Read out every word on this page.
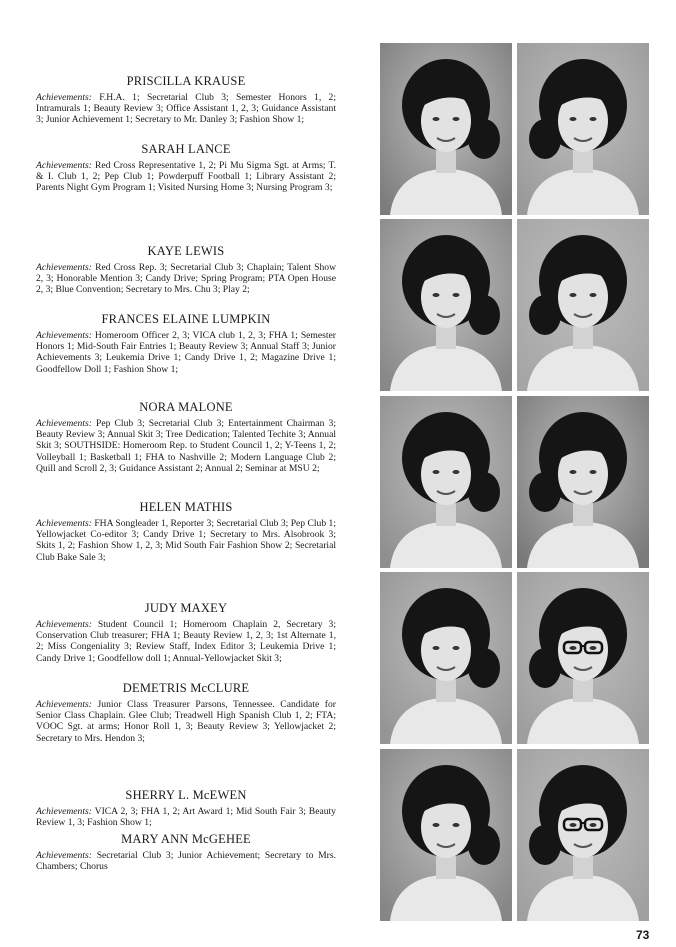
PRISCILLA KRAUSE

Achievements: F.H.A. 1; Secretarial Club 3; Semester Honors 1, 2; Intramurals 1; Beauty Review 3; Office Assistant 1, 2, 3; Guidance Assistant 3; Junior Achievement 1; Secretary to Mr. Danley 3; Fashion Show 1;

SARAH LANCE

Achievements: Red Cross Representative 1, 2; Pi Mu Sigma Sgt. at Arms; T. & I. Club 1, 2; Pep Club 1; Powderpuff Football 1; Library Assistant 2; Parents Night Gym Program 1; Visited Nursing Home 3; Nursing Program 3;

KAYE LEWIS

Achievements: Red Cross Rep. 3; Secretarial Club 3; Chaplain; Talent Show 2, 3; Honorable Mention 3; Candy Drive; Spring Program; PTA Open House 2, 3; Blue Convention; Secretary to Mrs. Chu 3; Play 2;

FRANCES ELAINE LUMPKIN

Achievements: Homeroom Officer 2, 3; VICA club 1, 2, 3; FHA 1; Semester Honors 1; Mid-South Fair Entries 1; Beauty Review 3; Annual Staff 3; Junior Achievements 3; Leukemia Drive 1; Candy Drive 1, 2; Magazine Drive 1; Goodfellow Doll 1; Fashion Show 1;

NORA MALONE

Achievements: Pep Club 3; Secretarial Club 3; Entertainment Chairman 3; Beauty Review 3; Annual Skit 3; Tree Dedication; Talented Techite 3; Annual Skit 3; SOUTHSIDE: Homeroom Rep. to Student Council 1, 2; Y-Teens 1, 2; Volleyball 1; Basketball 1; FHA to Nashville 2; Modern Language Club 2; Quill and Scroll 2, 3; Guidance Assistant 2; Annual 2; Seminar at MSU 2;

HELEN MATHIS

Achievements: FHA Songleader 1, Reporter 3; Secretarial Club 3; Pep Club 1; Yellowjacket Co-editor 3; Candy Drive 1; Secretary to Mrs. Alsobrook 3; Skits 1, 2; Fashion Show 1, 2, 3; Mid South Fair Fashion Show 2; Secretarial Club Bake Sale 3;

JUDY MAXEY

Achievements: Student Council 1; Homeroom Chaplain 2, Secretary 3; Conservation Club treasurer; FHA 1; Beauty Review 1, 2, 3; 1st Alternate 1, 2; Miss Congeniality 3; Review Staff, Index Editor 3; Leukemia Drive 1; Candy Drive 1; Goodfellow doll 1; Annual-Yellowjacket Skit 3;

DEMETRIS McCLURE

Achievements: Junior Class Treasurer Parsons, Tennessee. Candidate for Senior Class Chaplain. Glee Club; Treadwell High Spanish Club 1, 2; FTA; VOOC Sgt. at arms; Honor Roll 1, 3; Beauty Review 3; Yellowjacket 2; Secretary to Mrs. Hendon 3;

SHERRY L. McEWEN

Achievements: VICA 2, 3; FHA 1, 2; Art Award 1; Mid South Fair 3; Beauty Review 1, 3; Fashion Show 1;

MARY ANN McGEHEE

Achievements: Secretarial Club 3; Junior Achievement; Secretary to Mrs. Chambers; Chorus

73
